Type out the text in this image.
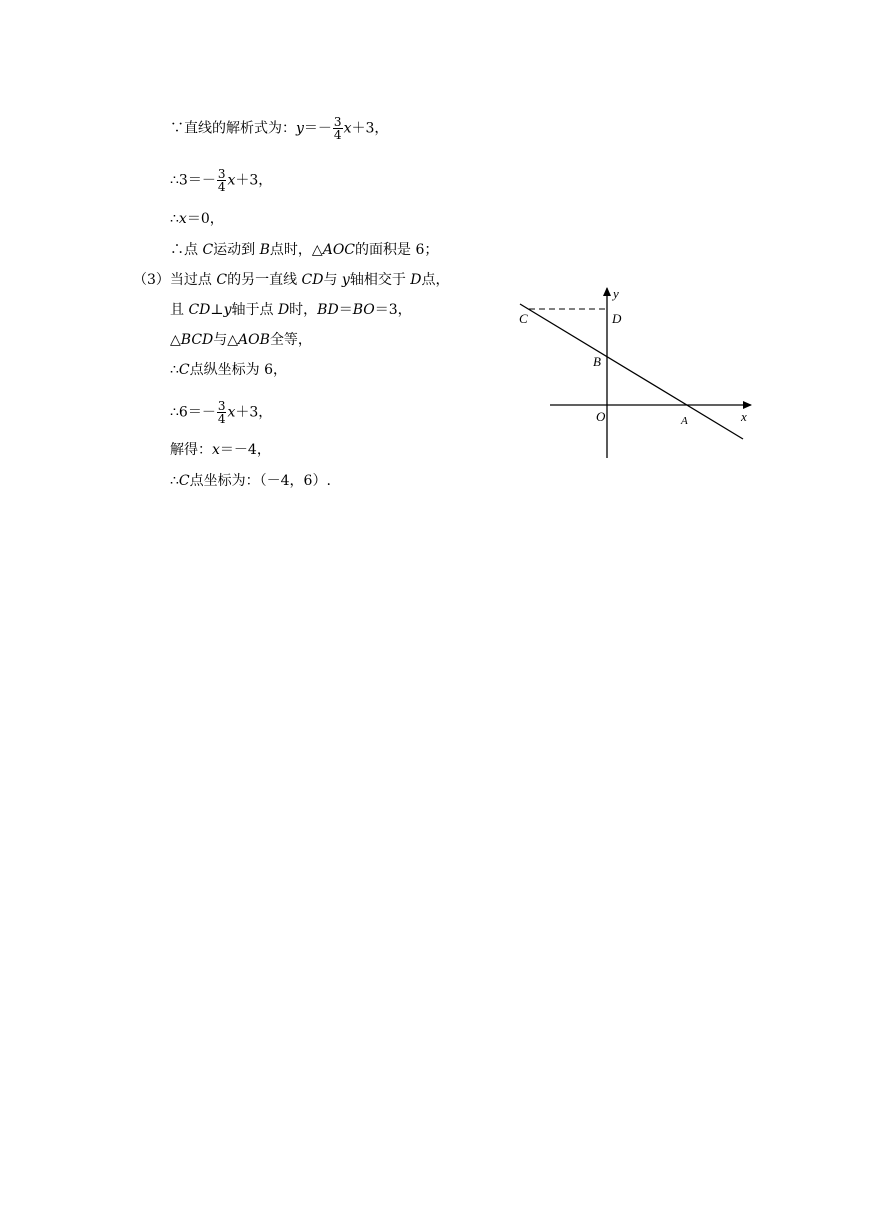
∵直线的解析式为：$y=- \frac{3}{4} x+3$，
∴3＝－ $\frac{3}{4} x+3$，
∴x＝0，
∴点 C运动到 B点时，△AOC的面积是 6；
（3）当过点 C的另一直线 CD与 y轴相交于 D点，
且 CD⊥y轴于点 D时，BD＝BO＝3，
△BCD与△AOB全等，
∴C点纵坐标为 6，
∴6＝－ $\frac{3}{4} x+3$，
解得：x＝－4，
∴C点坐标为：（－4，6）.
y
x
C	D
B
O	A
